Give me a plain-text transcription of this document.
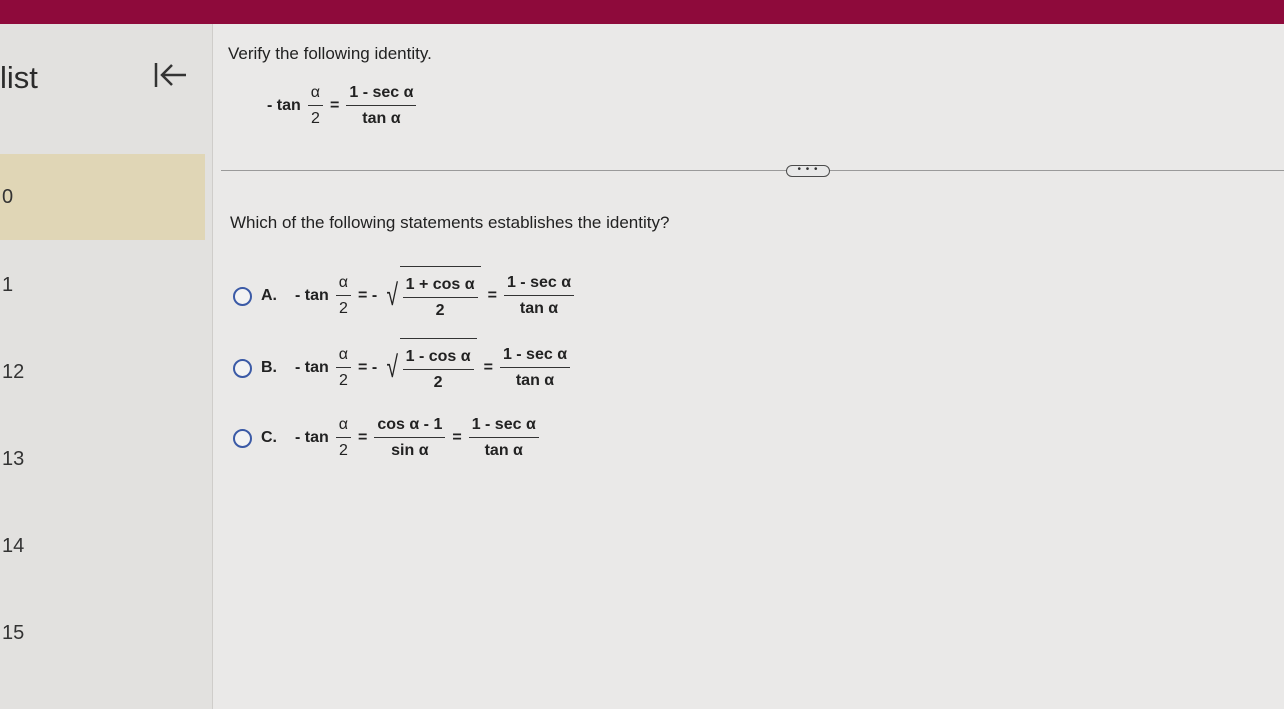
list
0
1
12
13
14
15
Verify the following identity.
- $\tan \frac{\alpha}{2} = \frac{\text{1 - sec α}}{\text{tan α}}$
• • •
Which of the following statements establishes the identity?
A.	- $\tan \frac{\alpha}{2}$ = - √ $\frac{\text{1 + cos α}}{2} = \frac{\text{1 - sec α}}{\text{tan α}}$
B.	- $\tan \frac{\alpha}{2}$ = - √ $\frac{\text{1 - cos α}}{2} = \frac{\text{1 - sec α}}{\text{tan α}}$
C.	- $\tan \frac{\alpha}{2} = \frac{\text{cos α - 1}}{\text{sin α}} = \frac{\text{1 - sec α}}{\text{tan α}}$
